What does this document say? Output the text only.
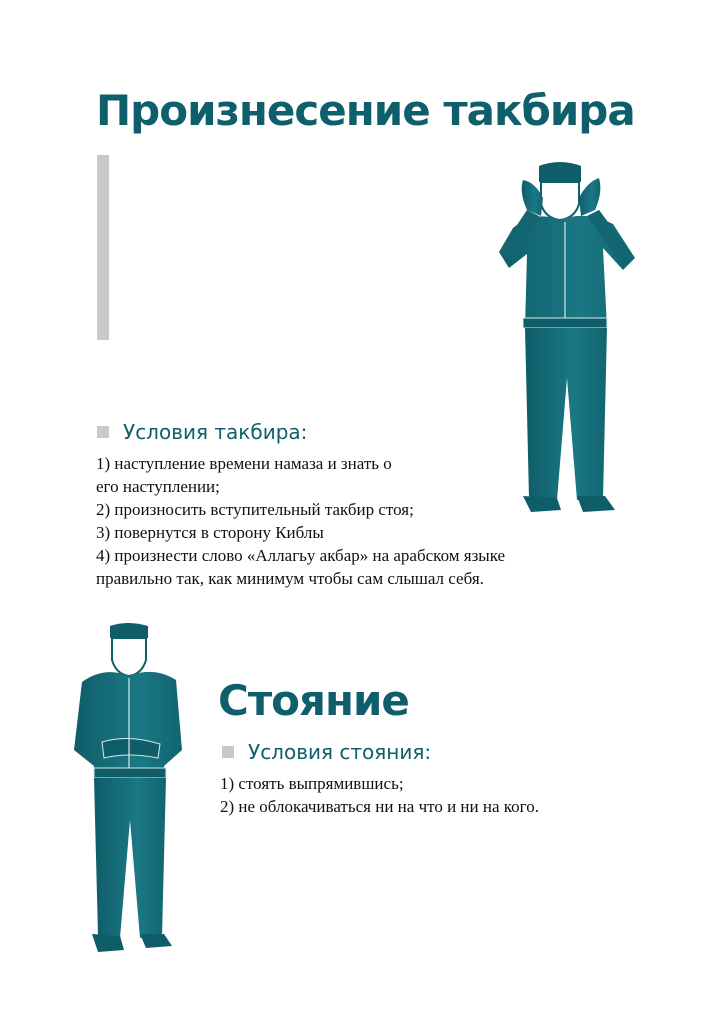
Произнесение такбира
Условия такбира:
1) наступление времени намаза и знать о
его наступлении;
2) произносить вступительный такбир стоя;
3) повернутся в сторону Киблы
4) произнести слово «Аллагьу акбар» на арабском языке
правильно так, как минимум чтобы сам слышал себя.
Стояние
Условия стояния:
1) стоять выпрямившись;
2) не облокачиваться ни на что и ни на кого.
